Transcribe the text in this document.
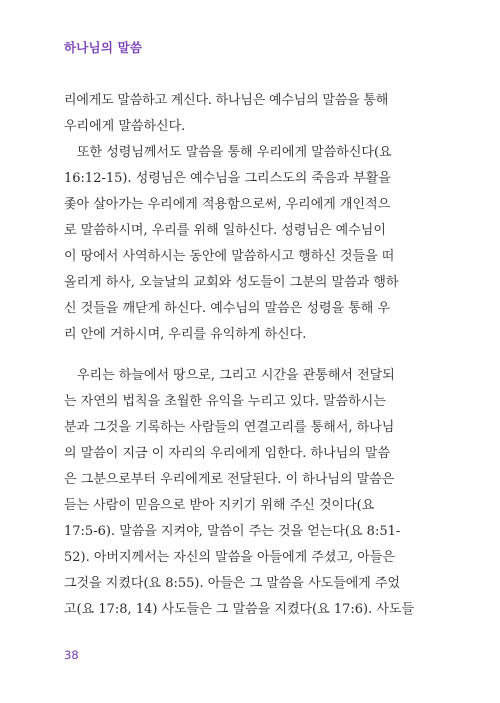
하나님의 말씀
리에게도 말씀하고 계신다. 하나님은 예수님의 말씀을 통해
우리에게 말씀하신다.
또한 성령님께서도 말씀을 통해 우리에게 말씀하신다(요
16:12-15). 성령님은 예수님을 그리스도의 죽음과 부활을
좇아 살아가는 우리에게 적용함으로써, 우리에게 개인적으
로 말씀하시며, 우리를 위해 일하신다. 성령님은 예수님이
이 땅에서 사역하시는 동안에 말씀하시고 행하신 것들을 떠
올리게 하사, 오늘날의 교회와 성도들이 그분의 말씀과 행하
신 것들을 깨닫게 하신다. 예수님의 말씀은 성령을 통해 우
리 안에 거하시며, 우리를 유익하게 하신다.
우리는 하늘에서 땅으로, 그리고 시간을 관통해서 전달되
는 자연의 법칙을 초월한 유익을 누리고 있다. 말씀하시는
분과 그것을 기록하는 사람들의 연결고리를 통해서, 하나님
의 말씀이 지금 이 자리의 우리에게 임한다. 하나님의 말씀
은 그분으로부터 우리에게로 전달된다. 이 하나님의 말씀은
듣는 사람이 믿음으로 받아 지키기 위해 주신 것이다(요
17:5-6). 말씀을 지켜야, 말씀이 주는 것을 얻는다(요 8:51-
52). 아버지께서는 자신의 말씀을 아들에게 주셨고, 아들은
그것을 지켰다(요 8:55). 아들은 그 말씀을 사도들에게 주었
고(요 17:8, 14) 사도들은 그 말씀을 지켰다(요 17:6). 사도들
38
